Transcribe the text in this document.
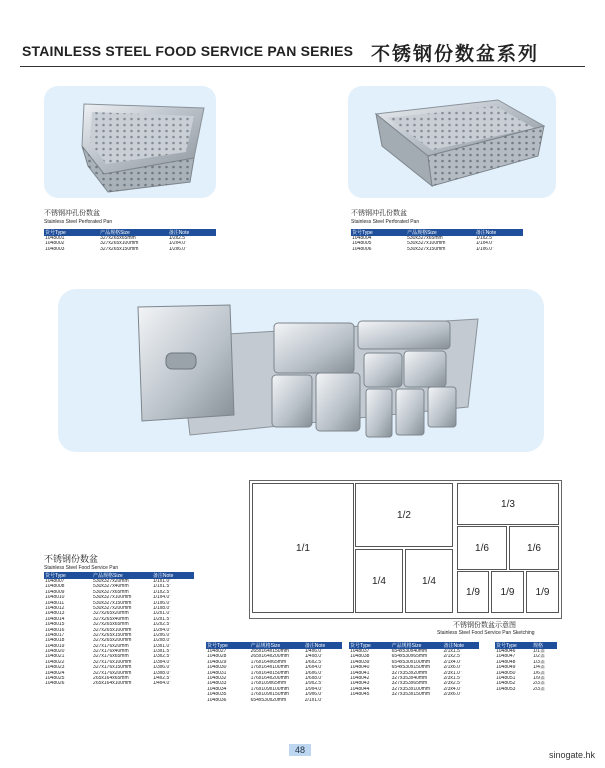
STAINLESS STEEL FOOD SERVICE PAN SERIES 不锈钢份数盆系列
不锈钢冲孔份数盆
Stainless Steel Perforated Pan
货号Type	产品规格Size	备注Note
1048001	327x265x65mm	1/2x2.5"
1048002	327x265x100mm	1/2x4.0"
1048003	327x265x150mm	1/2x6.0"
不锈钢冲孔份数盆
Stainless Steel Perforated Pan
货号Type	产品规格Size	备注Note
1048004	530x327x65mm	1/1x2.5"
1048005	530x327x100mm	1/1x4.0"
1048006	530x327x150mm	1/1x6.0"
1/1
1/2
1/4	1/4
1/3
1/6	1/6
1/9	1/9	1/9
不锈钢份数盆示意图
Stainless Steel Food Service Pan Sketching
不锈钢份数盆
Stainless Steel Food Service Pan
货号Type	产品规格Size	备注Note
1048007	530x327x20mm	1/1x1.0"
1048008	530x327x40mm	1/1x1.5"
1048009	530x327x65mm	1/1x2.5"
1048010	530x327x100mm	1/1x4.0"
1048011	530x327x150mm	1/1x6.0"
1048012	530x327x200mm	1/1x8.0"
1048013	327x265x20mm	1/2x1.0"
1048014	327x265x40mm	1/2x1.5"
1048015	327x265x65mm	1/2x2.5"
1048016	327x265x100mm	1/2x4.0"
1048017	327x265x150mm	1/2x6.0"
1048018	327x265x200mm	1/2x8.0"
1048019	327x176x20mm	1/3x1.0"
1048020	327x176x40mm	1/3x1.5"
1048021	327x176x65mm	1/3x2.5"
1048022	327x176x100mm	1/3x4.0"
1048023	327x176x150mm	1/3x6.0"
1048024	327x176x200mm	1/3x8.0"
1048025	265x164x65mm	1/4x2.5"
1048026	265x164x100mm	1/4x4.0"
货号Type	产品规格Size	备注Note
1048027	265x164x150mm	1/4x6.0"
1048028	265x164x200mm	1/4x8.0"
1048029	176x164x65mm	1/6x2.5"
1048030	176x164x100mm	1/6x4.0"
1048031	176x164x150mm	1/6x6.0"
1048032	176x164x200mm	1/6x8.0"
1048033	176x109x65mm	1/9x2.5"
1048034	176x109x100mm	1/9x4.0"
1048035	176x109x150mm	1/9x6.0"
1048036	654x530x20mm	2/1x1.0"
货号Type	产品规格Size	备注Note
1048037	654x530x40mm	2/1x1.5"
1048038	654x530x65mm	2/1x2.5"
1048039	654x530x100mm	2/1x4.0"
1048040	654x530x150mm	2/1x6.0"
1048041	327x353x20mm	2/3x1.0"
1048042	327x353x40mm	2/3x1.5"
1048043	327x353x65mm	2/3x2.5"
1048044	327x353x100mm	2/3x4.0"
1048045	327x353x150mm	2/3x6.0"
货号Type	规格
1048046	1/1盖
1048047	1/2盖
1048048	1/3盖
1048049	1/4盖
1048050	1/6盖
1048051	1/9盖
1048052	2/3盖
1048053	2/3盖
48	sinogate.hk
